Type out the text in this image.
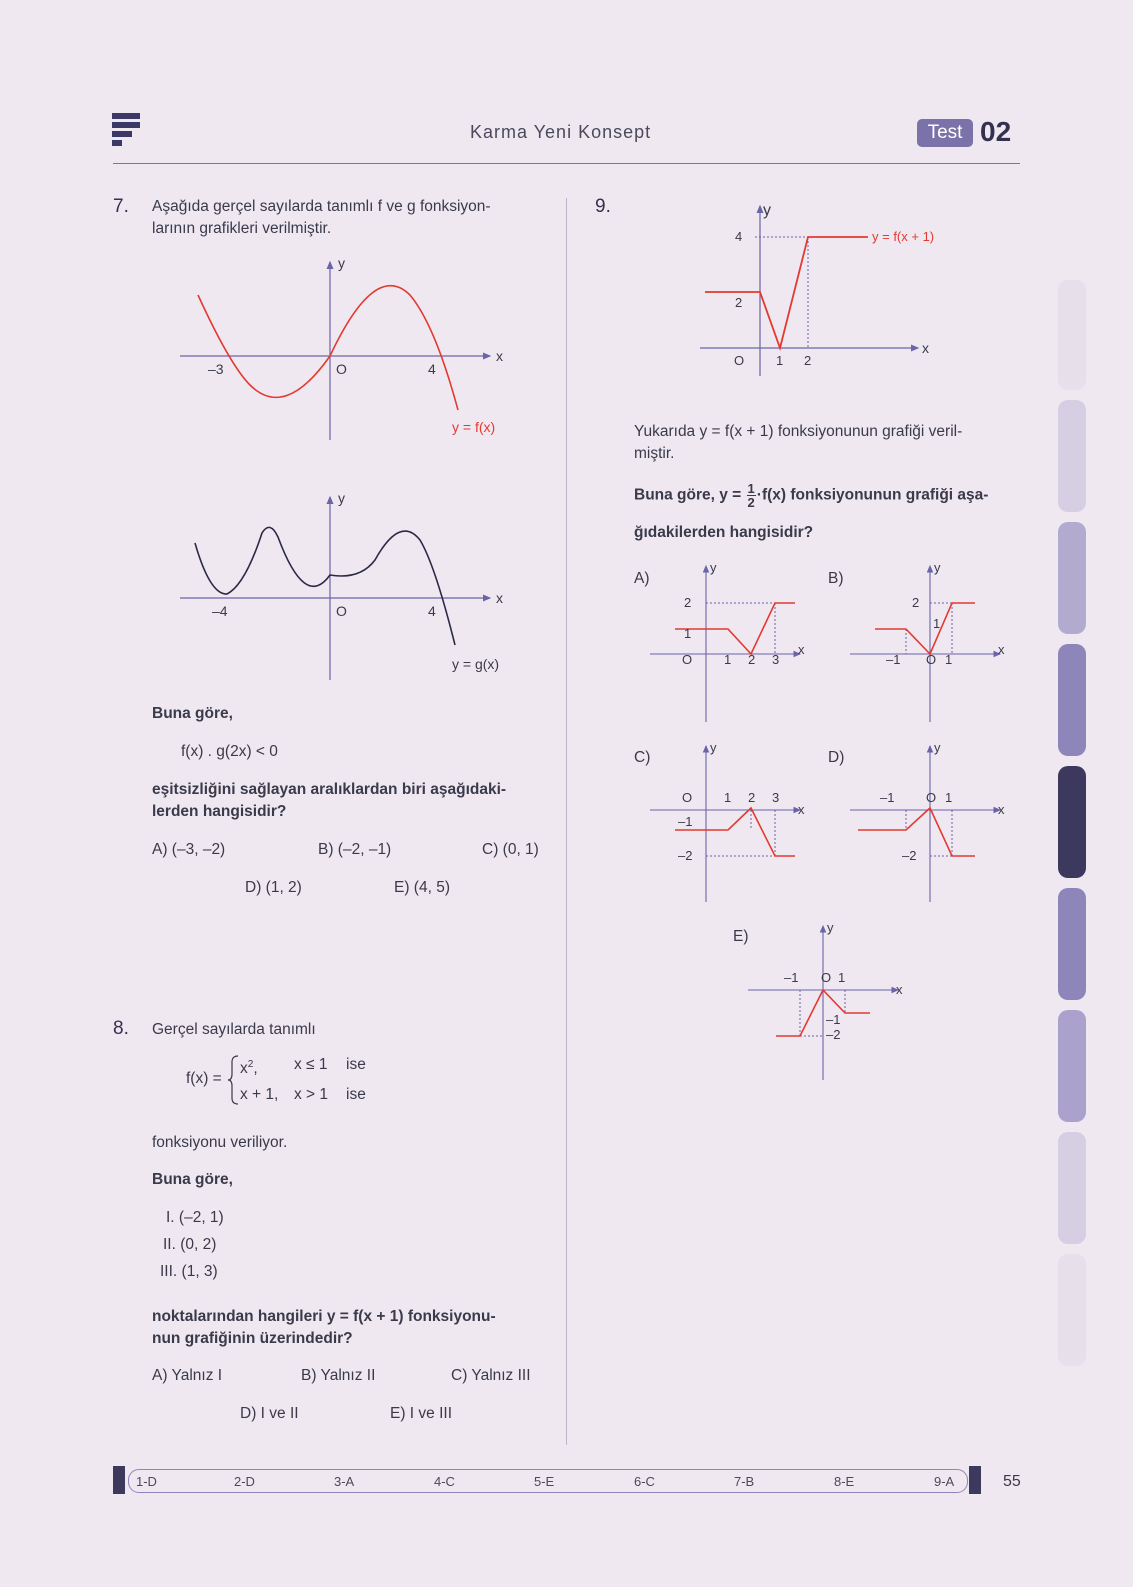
Karma Yeni Konsept	Test 02
7. Aşağıda gerçel sayılarda tanımlı f ve g fonksiyon-
larının grafikleri verilmiştir.
y
x
–3	O	4
y = f(x)
y
x
–4	O	4
y = g(x)
Buna göre,
f(x) . g(2x) < 0
eşitsizliğini sağlayan aralıklardan biri aşağıdaki-
lerden hangisidir?
A) (–3, –2)	B) (–2, –1)	C) (0, 1)
D) (1, 2)	E) (4, 5)
8. Gerçel sayılarda tanımlı
f(x) =
$x^2$, x ≤ 1 ise
x + 1, x > 1 ise
fonksiyonu veriliyor.
Buna göre,
I. (–2, 1)
II. (0, 2)
III. (1, 3)
noktalarından hangileri y = f(x + 1) fonksiyonu-
nun grafiğinin üzerindedir?
A) Yalnız I	B) Yalnız II	C) Yalnız III
D) I ve II	E) I ve III
9.	y
x
4
2
O 1 2
y = f(x + 1)
Yukarıda y = f(x + 1) fonksiyonunun grafiği veril-
miştir.
Buna göre, $y = \frac{1}{2} \cdot f(x)$ fonksiyonunun grafiği aşa-
ğıdakilerden hangisidir?
A)
y
x
2
1
O 1 2 3
B)
y
x
2
1
–1 O 1
C)
y
x
O 1 2 3
–1
–2
D)
y
x
–1 O 1
–2
E)
y
x
–1 O 1
–1
–2
1-D	2-D	3-A	4-C	5-E	6-C	7-B	8-E	9-A	55
